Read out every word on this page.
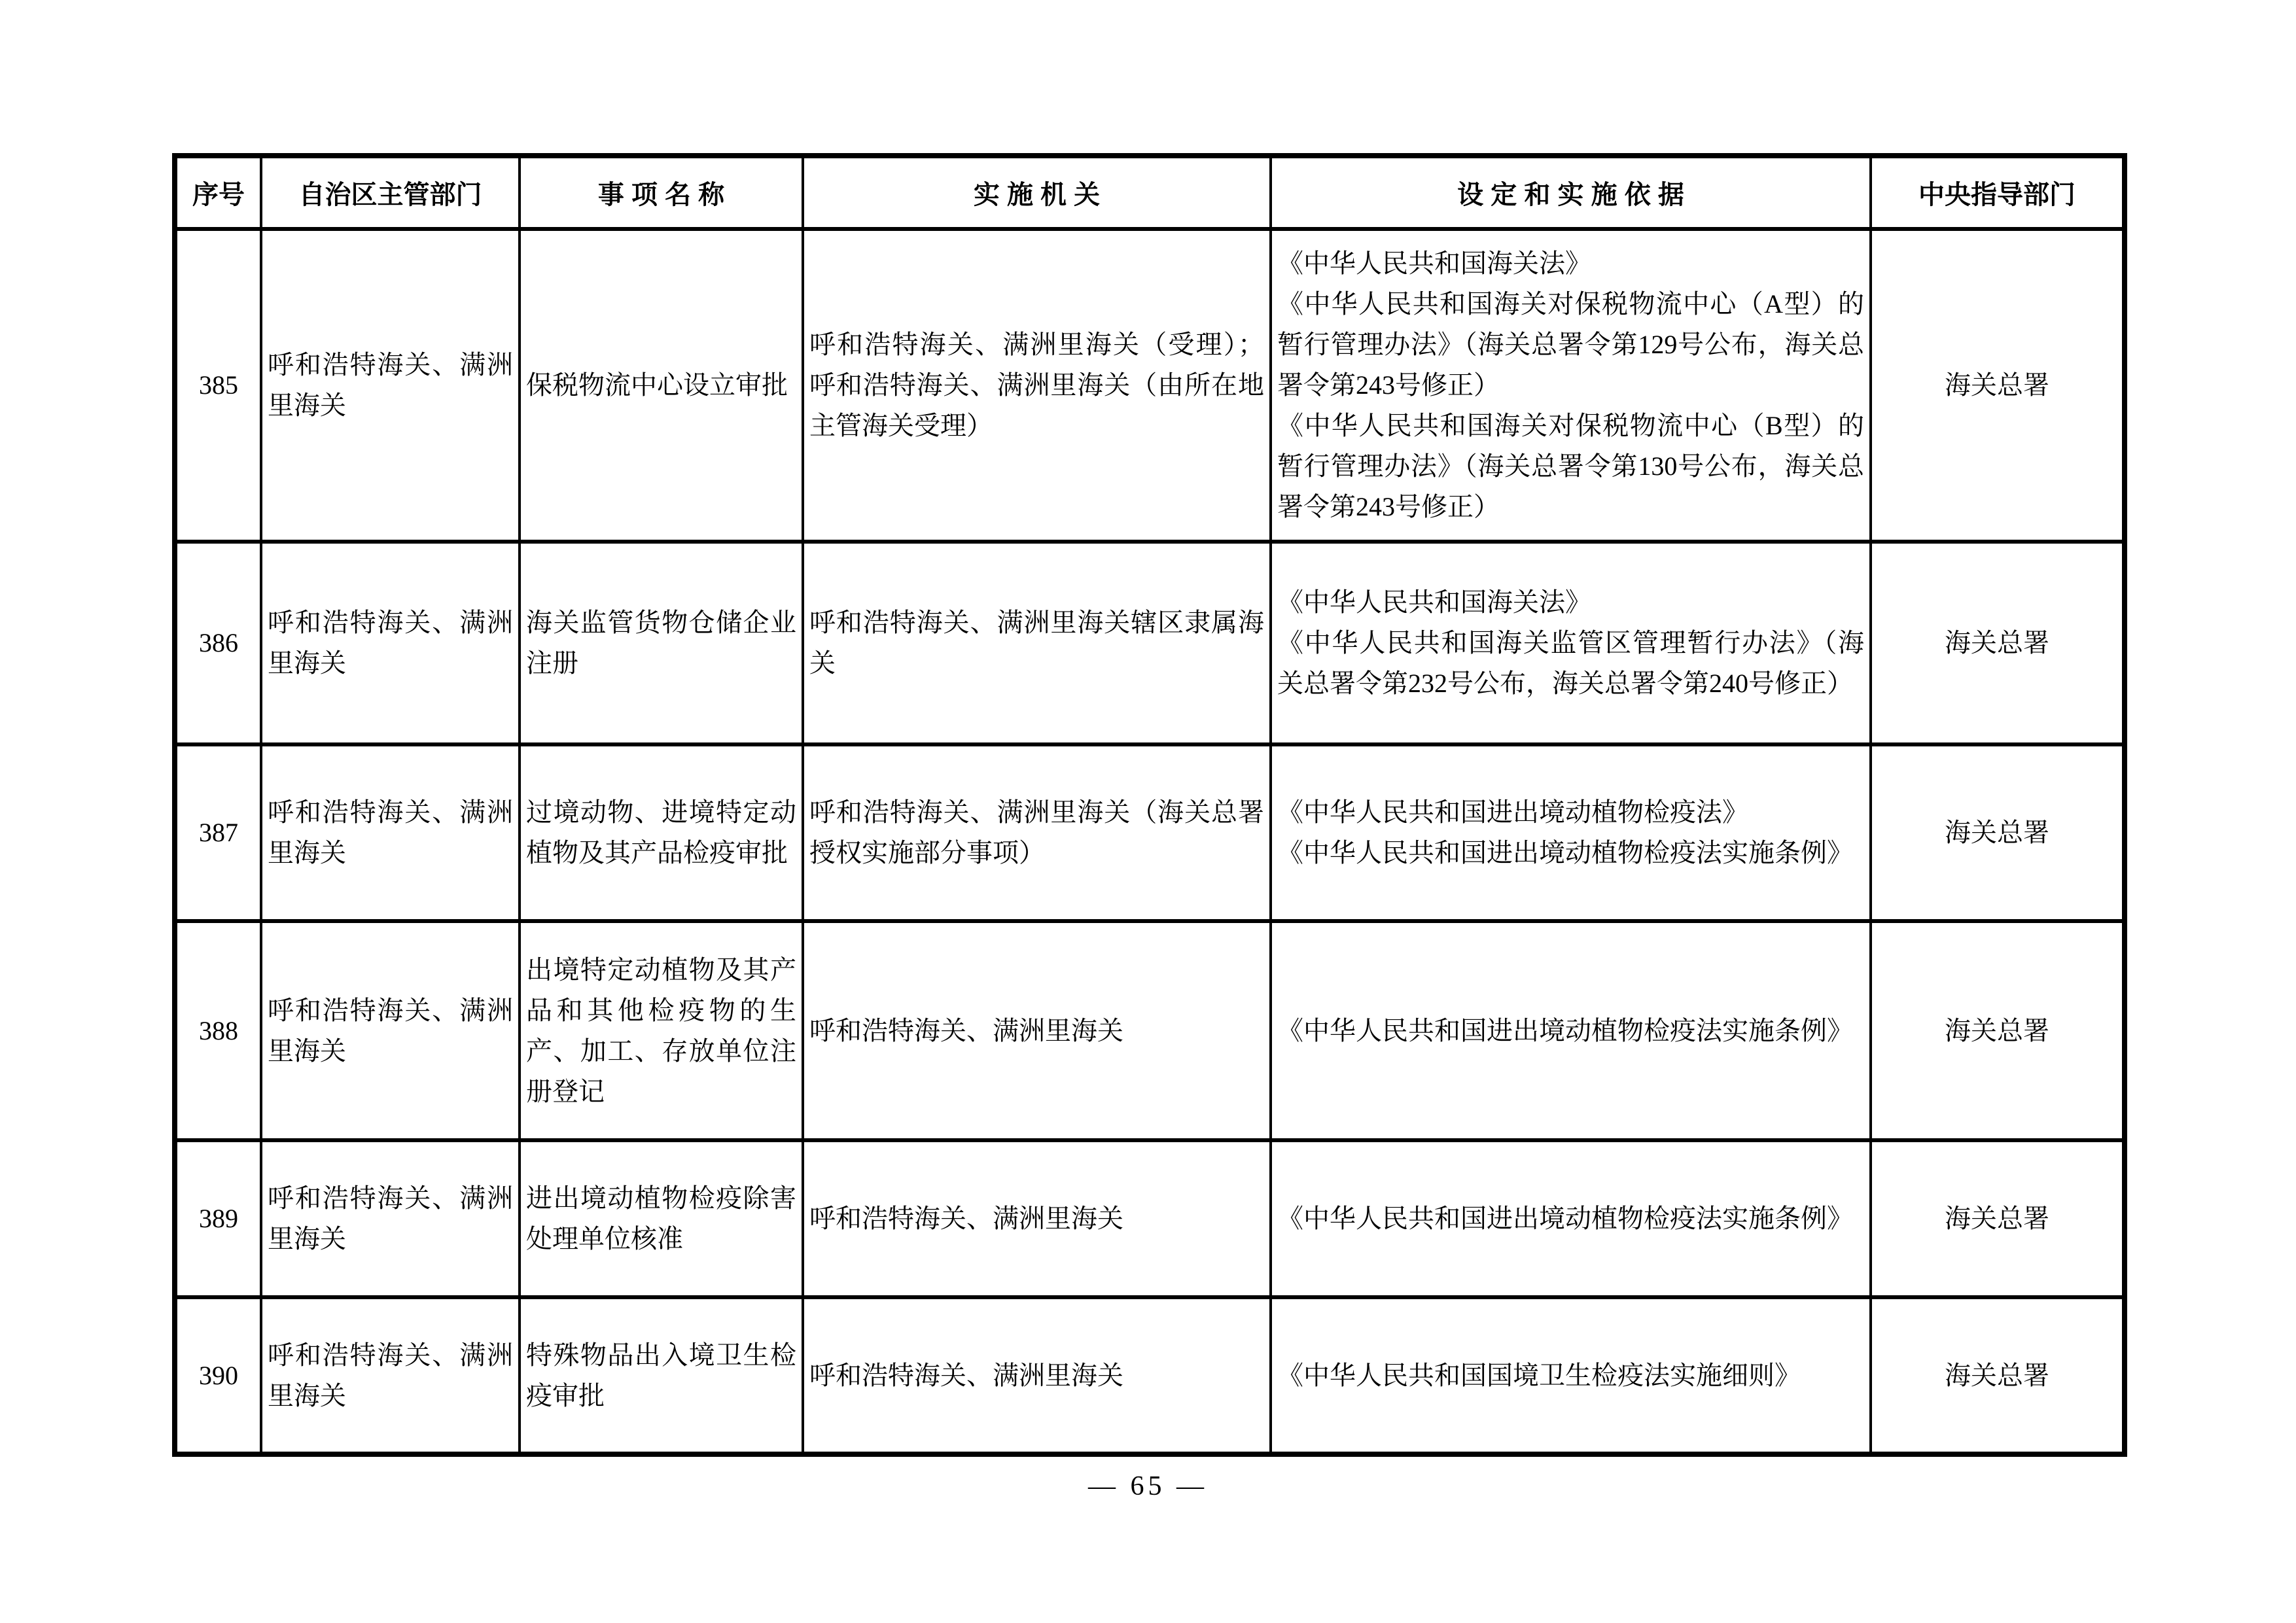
序号	自治区主管部门	事 项 名 称	实 施 机 关	设 定 和 实 施 依 据	中央指导部门
385	呼和浩特海关、满洲里海关	保税物流中心设立审批	呼和浩特海关、满洲里海关（受理）；呼和浩特海关、满洲里海关（由所在地主管海关受理）	《中华人民共和国海关法》
《中华人民共和国海关对保税物流中心（A型）的暂行管理办法》（海关总署令第129号公布，海关总署令第243号修正）
《中华人民共和国海关对保税物流中心（B型）的暂行管理办法》（海关总署令第130号公布，海关总署令第243号修正）	海关总署
386	呼和浩特海关、满洲里海关	海关监管货物仓储企业注册	呼和浩特海关、满洲里海关辖区隶属海关	《中华人民共和国海关法》
《中华人民共和国海关监管区管理暂行办法》（海关总署令第232号公布，海关总署令第240号修正）	海关总署
387	呼和浩特海关、满洲里海关	过境动物、进境特定动植物及其产品检疫审批	呼和浩特海关、满洲里海关（海关总署授权实施部分事项）	《中华人民共和国进出境动植物检疫法》
《中华人民共和国进出境动植物检疫法实施条例》	海关总署
388	呼和浩特海关、满洲里海关	出境特定动植物及其产品和其他检疫物的生产、加工、存放单位注册登记	呼和浩特海关、满洲里海关	《中华人民共和国进出境动植物检疫法实施条例》	海关总署
389	呼和浩特海关、满洲里海关	进出境动植物检疫除害处理单位核准	呼和浩特海关、满洲里海关	《中华人民共和国进出境动植物检疫法实施条例》	海关总署
390	呼和浩特海关、满洲里海关	特殊物品出入境卫生检疫审批	呼和浩特海关、满洲里海关	《中华人民共和国国境卫生检疫法实施细则》	海关总署
— 65 —
